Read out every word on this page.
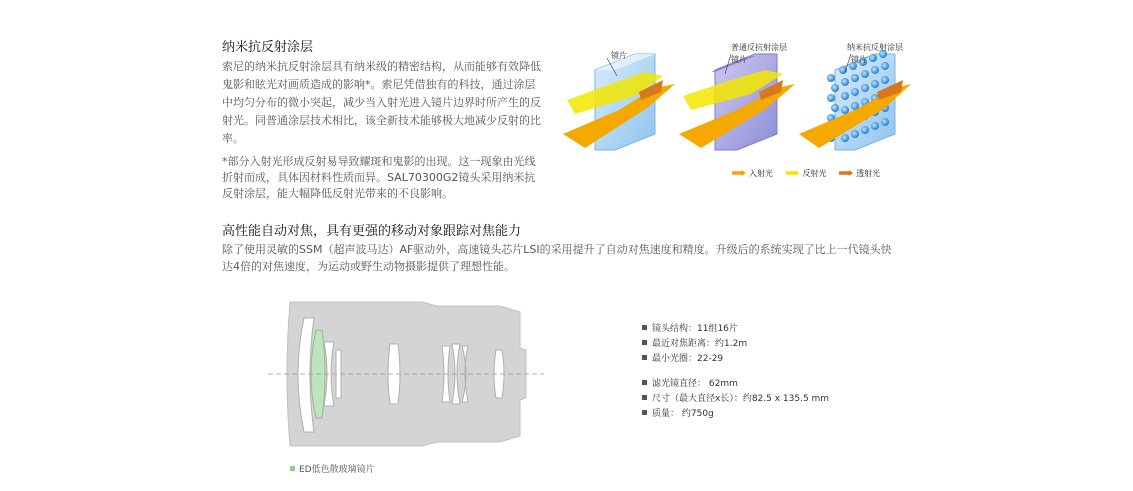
纳米抗反射涂层
索尼的纳米抗反射涂层具有纳米级的精密结构，从而能够有效降低鬼影和眩光对画质造成的影响*。索尼凭借独有的科技，通过涂层中均匀分布的微小突起，减少当入射光进入镜片边界时所产生的反射光。同普通涂层技术相比，该全新技术能够极大地减少反射的比率。
*部分入射光形成反射易导致耀斑和鬼影的出现。这一现象由光线折射而成，具体因材料性质而异。SAL70300G2镜头采用纳米抗反射涂层，能大幅降低反射光带来的不良影响。
镜片
普通反抗射涂层
镜片
纳米抗反射涂层
镜片
入射光	反射光	透射光
高性能自动对焦，具有更强的移动对象跟踪对焦能力
除了使用灵敏的SSM（超声波马达）AF驱动外，高速镜头芯片LSI的采用提升了自动对焦速度和精度。升级后的系统实现了比上一代镜头快达4倍的对焦速度，为运动或野生动物摄影提供了理想性能。
ED低色散玻璃镜片
镜头结构：11组16片
最近对焦距离：约1.2m
最小光圈：22-29
滤光镜直径： 62mm
尺寸（最大直径x长）：约82.5 x 135.5 mm
质量： 约750g
